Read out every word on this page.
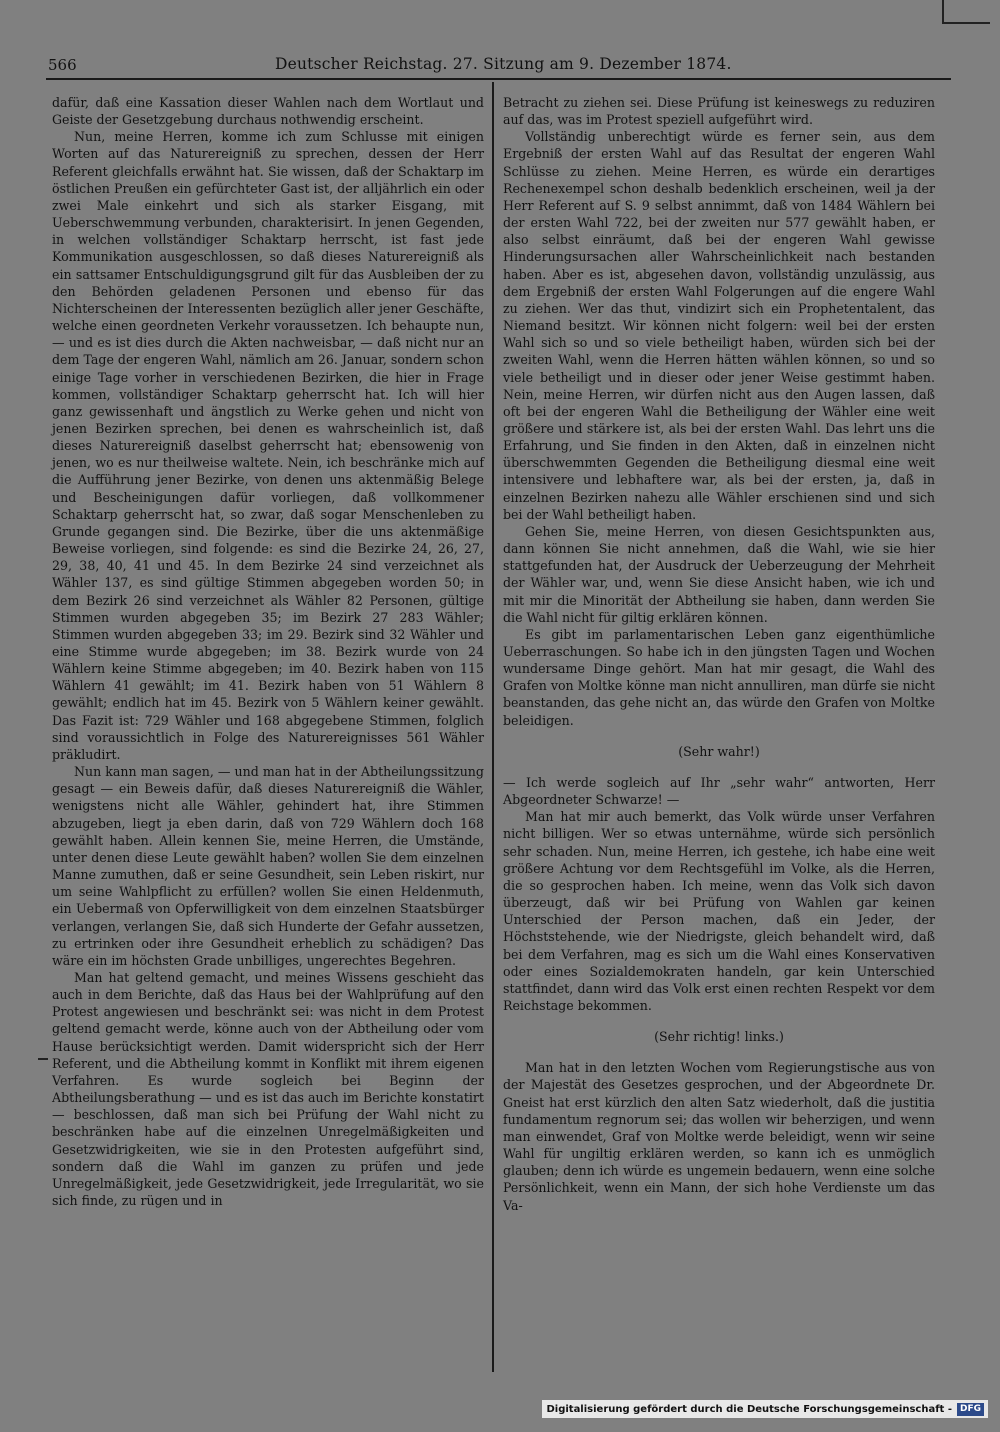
566	Deutscher Reichstag. 27. Sitzung am 9. Dezember 1874.

dafür, daß eine Kassation dieser Wahlen nach dem Wortlaut und Geiste der Gesetzgebung durchaus nothwendig erscheint.

Nun, meine Herren, komme ich zum Schlusse mit einigen Worten auf das Naturereigniß zu sprechen, dessen der Herr Referent gleichfalls erwähnt hat. Sie wissen, daß der Schaktarp im östlichen Preußen ein gefürchteter Gast ist, der alljährlich ein oder zwei Male einkehrt und sich als starker Eisgang, mit Ueberschwemmung verbunden, charakterisirt. In jenen Gegenden, in welchen vollständiger Schaktarp herrscht, ist fast jede Kommunikation ausgeschlossen, so daß dieses Naturereigniß als ein sattsamer Entschuldigungsgrund gilt für das Ausbleiben der zu den Behörden geladenen Personen und ebenso für das Nichterscheinen der Interessenten bezüglich aller jener Geschäfte, welche einen geordneten Verkehr voraussetzen. Ich behaupte nun, — und es ist dies durch die Akten nachweisbar, — daß nicht nur an dem Tage der engeren Wahl, nämlich am 26. Januar, sondern schon einige Tage vorher in verschiedenen Bezirken, die hier in Frage kommen, vollständiger Schaktarp geherrscht hat. Ich will hier ganz gewissenhaft und ängstlich zu Werke gehen und nicht von jenen Bezirken sprechen, bei denen es wahrscheinlich ist, daß dieses Naturereigniß daselbst geherrscht hat; ebensowenig von jenen, wo es nur theilweise waltete. Nein, ich beschränke mich auf die Aufführung jener Bezirke, von denen uns aktenmäßig Belege und Bescheinigungen dafür vorliegen, daß vollkommener Schaktarp geherrscht hat, so zwar, daß sogar Menschenleben zu Grunde gegangen sind. Die Bezirke, über die uns aktenmäßige Beweise vorliegen, sind folgende: es sind die Bezirke 24, 26, 27, 29, 38, 40, 41 und 45. In dem Bezirke 24 sind verzeichnet als Wähler 137, es sind gültige Stimmen abgegeben worden 50; in dem Bezirk 26 sind verzeichnet als Wähler 82 Personen, gültige Stimmen wurden abgegeben 35; im Bezirk 27 283 Wähler; Stimmen wurden abgegeben 33; im 29. Bezirk sind 32 Wähler und eine Stimme wurde abgegeben; im 38. Bezirk wurde von 24 Wählern keine Stimme abgegeben; im 40. Bezirk haben von 115 Wählern 41 gewählt; im 41. Bezirk haben von 51 Wählern 8 gewählt; endlich hat im 45. Bezirk von 5 Wählern keiner gewählt. Das Fazit ist: 729 Wähler und 168 abgegebene Stimmen, folglich sind voraussichtlich in Folge des Naturereignisses 561 Wähler präkludirt.

Nun kann man sagen, — und man hat in der Abtheilungssitzung gesagt — ein Beweis dafür, daß dieses Naturereigniß die Wähler, wenigstens nicht alle Wähler, gehindert hat, ihre Stimmen abzugeben, liegt ja eben darin, daß von 729 Wählern doch 168 gewählt haben. Allein kennen Sie, meine Herren, die Umstände, unter denen diese Leute gewählt haben? wollen Sie dem einzelnen Manne zumuthen, daß er seine Gesundheit, sein Leben riskirt, nur um seine Wahlpflicht zu erfüllen? wollen Sie einen Heldenmuth, ein Uebermaß von Opferwilligkeit von dem einzelnen Staatsbürger verlangen, verlangen Sie, daß sich Hunderte der Gefahr aussetzen, zu ertrinken oder ihre Gesundheit erheblich zu schädigen? Das wäre ein im höchsten Grade unbilliges, ungerechtes Begehren.

Man hat geltend gemacht, und meines Wissens geschieht das auch in dem Berichte, daß das Haus bei der Wahlprüfung auf den Protest angewiesen und beschränkt sei: was nicht in dem Protest geltend gemacht werde, könne auch von der Abtheilung oder vom Hause berücksichtigt werden. Damit widerspricht sich der Herr Referent, und die Abtheilung kommt in Konflikt mit ihrem eigenen Verfahren. Es wurde sogleich bei Beginn der Abtheilungsberathung — und es ist das auch im Berichte konstatirt — beschlossen, daß man sich bei Prüfung der Wahl nicht zu beschränken habe auf die einzelnen Unregelmäßigkeiten und Gesetzwidrigkeiten, wie sie in den Protesten aufgeführt sind, sondern daß die Wahl im ganzen zu prüfen und jede Unregelmäßigkeit, jede Gesetzwidrigkeit, jede Irregularität, wo sie sich finde, zu rügen und in

Betracht zu ziehen sei. Diese Prüfung ist keineswegs zu reduziren auf das, was im Protest speziell aufgeführt wird.

Vollständig unberechtigt würde es ferner sein, aus dem Ergebniß der ersten Wahl auf das Resultat der engeren Wahl Schlüsse zu ziehen. Meine Herren, es würde ein derartiges Rechenexempel schon deshalb bedenklich erscheinen, weil ja der Herr Referent auf S. 9 selbst annimmt, daß von 1484 Wählern bei der ersten Wahl 722, bei der zweiten nur 577 gewählt haben, er also selbst einräumt, daß bei der engeren Wahl gewisse Hinderungsursachen aller Wahrscheinlichkeit nach bestanden haben. Aber es ist, abgesehen davon, vollständig unzulässig, aus dem Ergebniß der ersten Wahl Folgerungen auf die engere Wahl zu ziehen. Wer das thut, vindizirt sich ein Prophetentalent, das Niemand besitzt. Wir können nicht folgern: weil bei der ersten Wahl sich so und so viele betheiligt haben, würden sich bei der zweiten Wahl, wenn die Herren hätten wählen können, so und so viele betheiligt und in dieser oder jener Weise gestimmt haben. Nein, meine Herren, wir dürfen nicht aus den Augen lassen, daß oft bei der engeren Wahl die Betheiligung der Wähler eine weit größere und stärkere ist, als bei der ersten Wahl. Das lehrt uns die Erfahrung, und Sie finden in den Akten, daß in einzelnen nicht überschwemmten Gegenden die Betheiligung diesmal eine weit intensivere und lebhaftere war, als bei der ersten, ja, daß in einzelnen Bezirken nahezu alle Wähler erschienen sind und sich bei der Wahl betheiligt haben.

Gehen Sie, meine Herren, von diesen Gesichtspunkten aus, dann können Sie nicht annehmen, daß die Wahl, wie sie hier stattgefunden hat, der Ausdruck der Ueberzeugung der Mehrheit der Wähler war, und, wenn Sie diese Ansicht haben, wie ich und mit mir die Minorität der Abtheilung sie haben, dann werden Sie die Wahl nicht für giltig erklären können.

Es gibt im parlamentarischen Leben ganz eigenthümliche Ueberraschungen. So habe ich in den jüngsten Tagen und Wochen wundersame Dinge gehört. Man hat mir gesagt, die Wahl des Grafen von Moltke könne man nicht annulliren, man dürfe sie nicht beanstanden, das gehe nicht an, das würde den Grafen von Moltke beleidigen.

(Sehr wahr!)

— Ich werde sogleich auf Ihr „sehr wahr“ antworten, Herr Abgeordneter Schwarze! —

Man hat mir auch bemerkt, das Volk würde unser Verfahren nicht billigen. Wer so etwas unternähme, würde sich persönlich sehr schaden. Nun, meine Herren, ich gestehe, ich habe eine weit größere Achtung vor dem Rechtsgefühl im Volke, als die Herren, die so gesprochen haben. Ich meine, wenn das Volk sich davon überzeugt, daß wir bei Prüfung von Wahlen gar keinen Unterschied der Person machen, daß ein Jeder, der Höchststehende, wie der Niedrigste, gleich behandelt wird, daß bei dem Verfahren, mag es sich um die Wahl eines Konservativen oder eines Sozialdemokraten handeln, gar kein Unterschied stattfindet, dann wird das Volk erst einen rechten Respekt vor dem Reichstage bekommen.

(Sehr richtig! links.)

Man hat in den letzten Wochen vom Regierungstische aus von der Majestät des Gesetzes gesprochen, und der Abgeordnete Dr. Gneist hat erst kürzlich den alten Satz wiederholt, daß die justitia fundamentum regnorum sei; das wollen wir beherzigen, und wenn man einwendet, Graf von Moltke werde beleidigt, wenn wir seine Wahl für ungiltig erklären werden, so kann ich es unmöglich glauben; denn ich würde es ungemein bedauern, wenn eine solche Persönlichkeit, wenn ein Mann, der sich hohe Verdienste um das Va-

Digitalisierung gefördert durch die Deutsche Forschungsgemeinschaft - DFG
